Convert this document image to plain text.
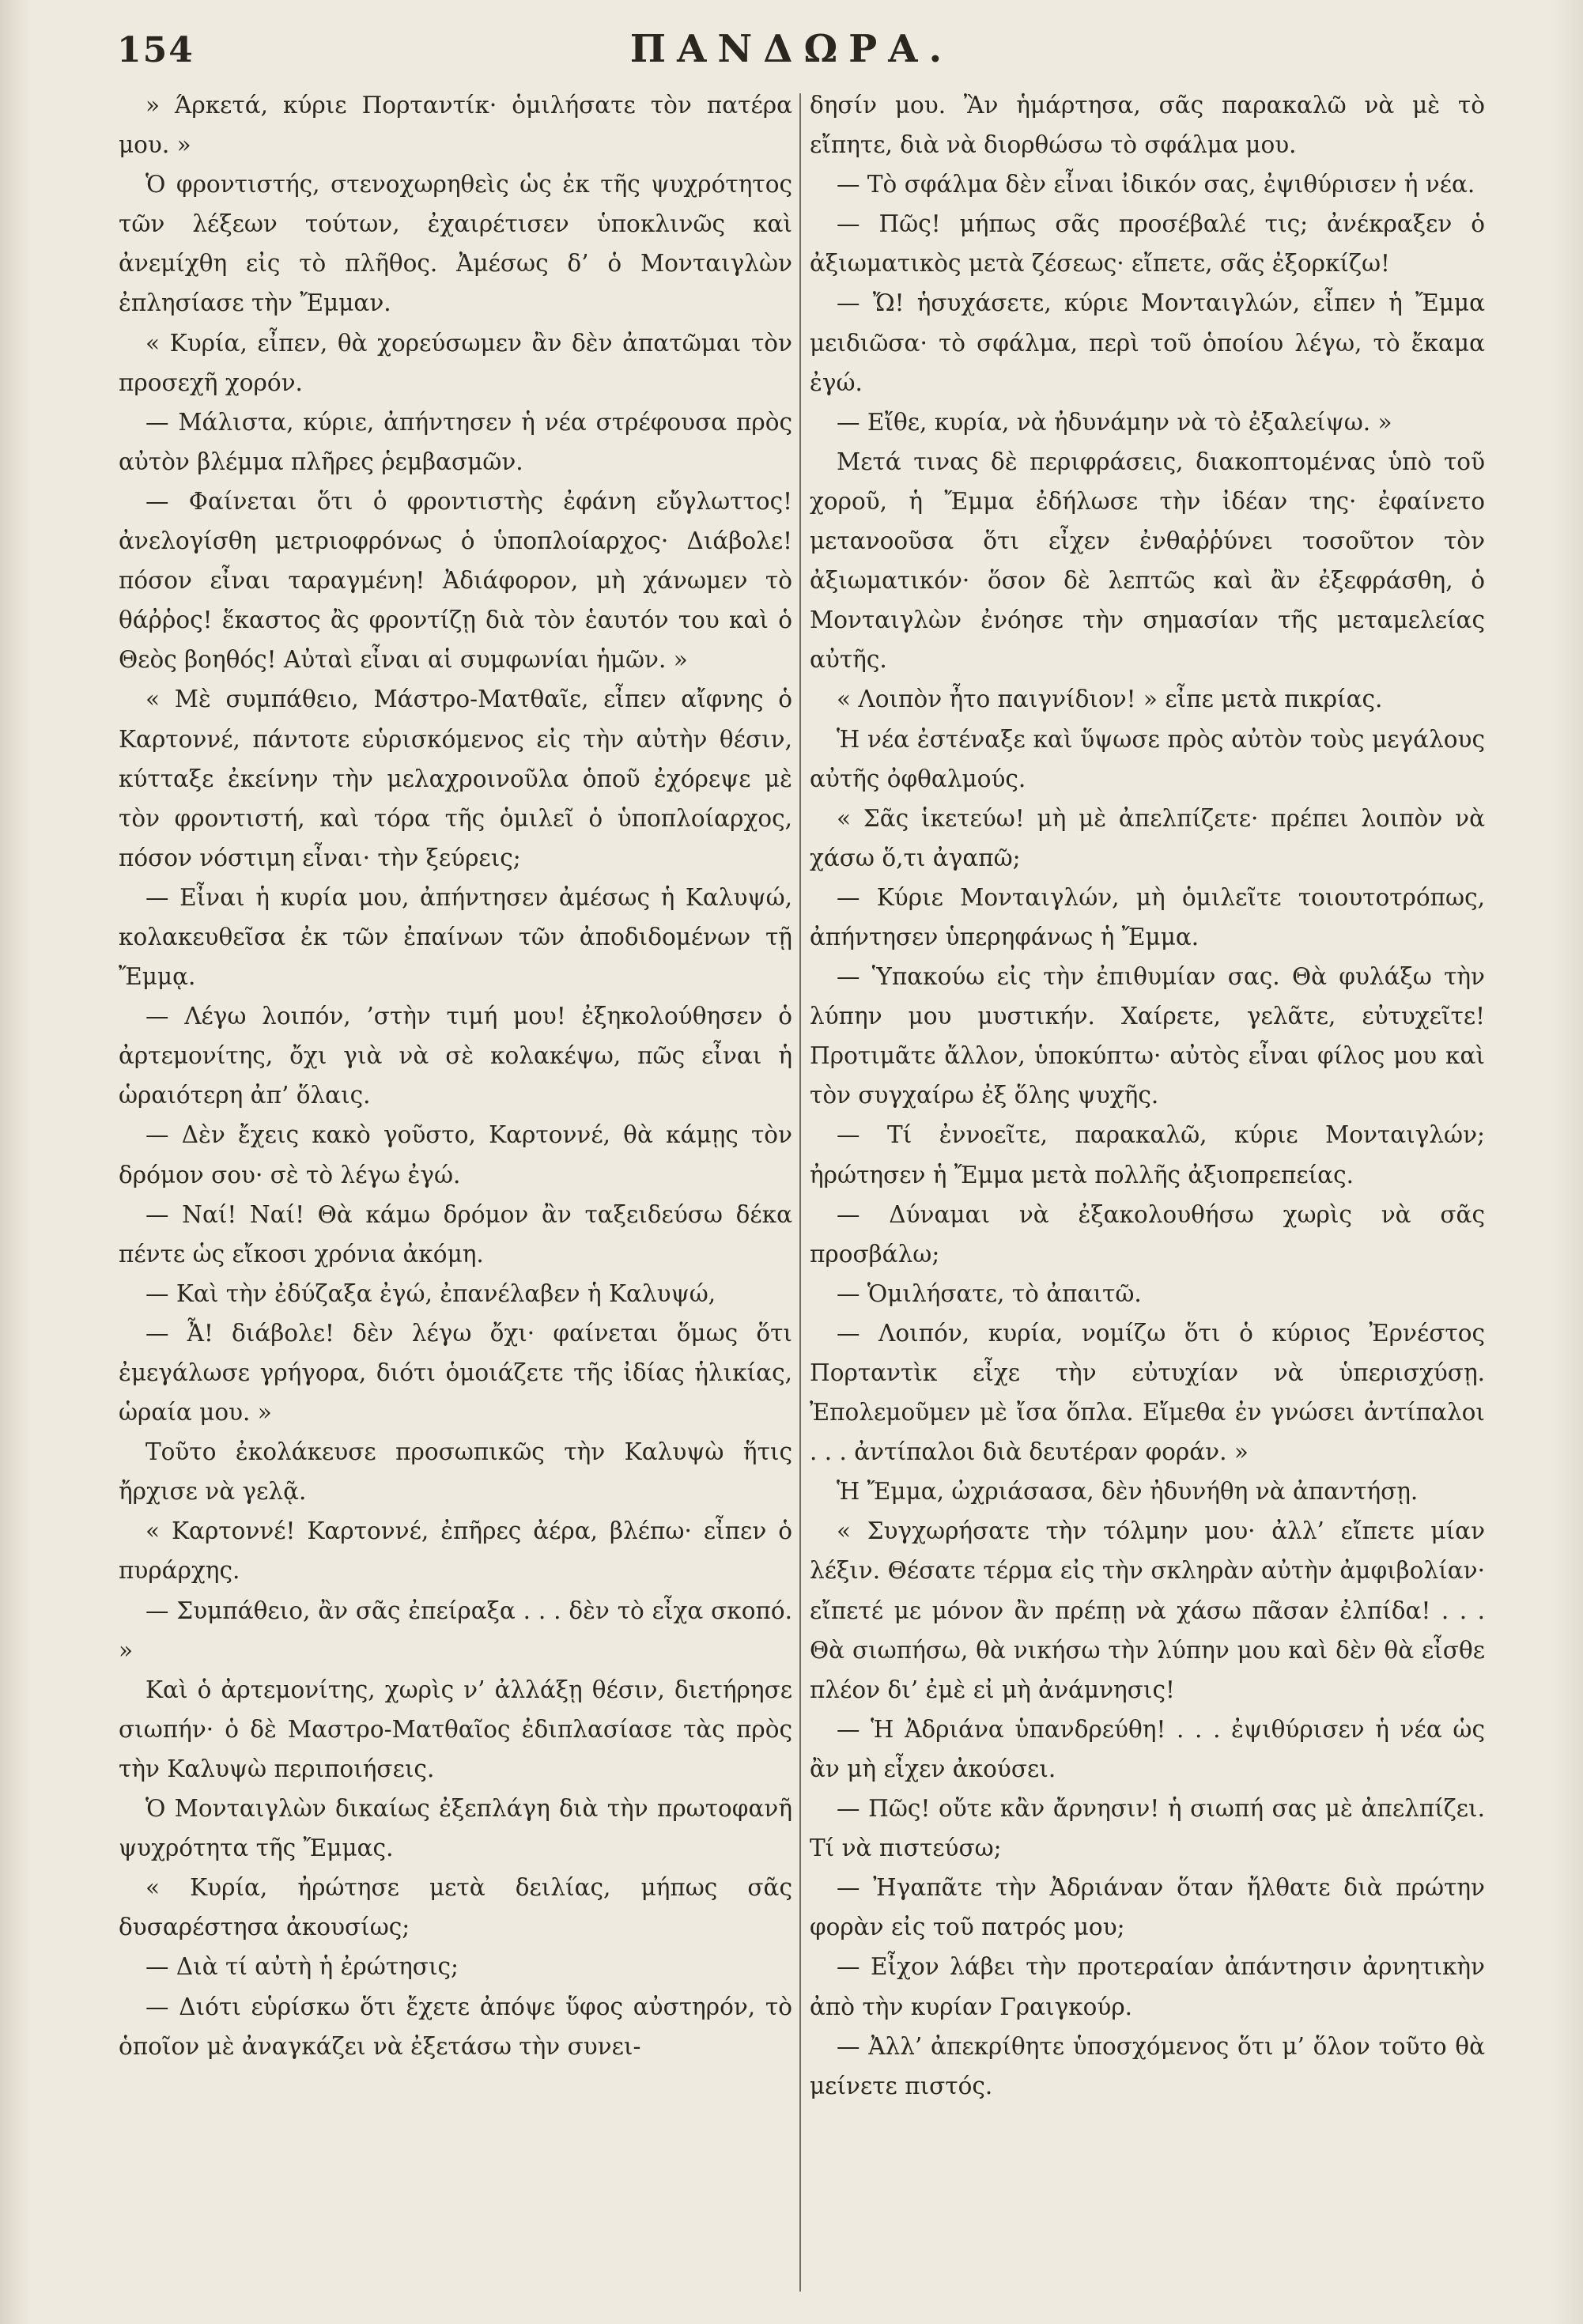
154	ΠΑΝΔΩΡΑ.

» Άρκετά, κύριε Πορταντίκ· ὁμιλήσατε τὸν πατέρα μου. »

Ὁ φροντιστής, στενοχωρηθεὶς ὡς ἐκ τῆς ψυχρότητος τῶν λέξεων τούτων, ἐχαιρέτισεν ὑποκλινῶς καὶ ἀνεμίχθη εἰς τὸ πλῆθος. Ἀμέσως δ’ ὁ Μονταιγλὼν ἐπλησίασε τὴν Ἔμμαν.

« Κυρία, εἶπεν, θὰ χορεύσωμεν ἂν δὲν ἀπατῶμαι τὸν προσεχῆ χορόν.

— Μάλιστα, κύριε, ἀπήντησεν ἡ νέα στρέφουσα πρὸς αὐτὸν βλέμμα πλῆρες ῥεμβασμῶν.

— Φαίνεται ὅτι ὁ φροντιστὴς ἐφάνη εὔγλωττος! ἀνελογίσθη μετριοφρόνως ὁ ὑποπλοίαρχος· Διάβολε! πόσον εἶναι ταραγμένη! Ἀδιάφορον, μὴ χάνωμεν τὸ θάῤῥος! ἕκαστος ἂς φροντίζῃ διὰ τὸν ἑαυτόν του καὶ ὁ Θεὸς βοηθός! Αὐταὶ εἶναι αἱ συμφωνίαι ἡμῶν. »

« Μὲ συμπάθειο, Μάστρο-Ματθαῖε, εἶπεν αἴφνης ὁ Καρτοννέ, πάντοτε εὑρισκόμενος εἰς τὴν αὐτὴν θέσιν, κύτταξε ἐκείνην τὴν μελαχροινοῦλα ὁποῦ ἐχόρεψε μὲ τὸν φροντιστή, καὶ τόρα τῆς ὁμιλεῖ ὁ ὑποπλοίαρχος, πόσον νόστιμη εἶναι· τὴν ξεύρεις;

— Εἶναι ἡ κυρία μου, ἀπήντησεν ἀμέσως ἡ Καλυψώ, κολακευθεῖσα ἐκ τῶν ἐπαίνων τῶν ἀποδιδομένων τῇ Ἔμμᾳ.

— Λέγω λοιπόν, ’στὴν τιμή μου! ἐξηκολούθησεν ὁ ἀρτεμονίτης, ὄχι γιὰ νὰ σὲ κολακέψω, πῶς εἶναι ἡ ὡραιότερη ἀπ’ ὅλαις.

— Δὲν ἔχεις κακὸ γοῦστο, Καρτοννέ, θὰ κάμῃς τὸν δρόμον σου· σὲ τὸ λέγω ἐγώ.

— Ναί! Ναί! Θὰ κάμω δρόμον ἂν ταξειδεύσω δέκα πέντε ὡς εἴκοσι χρόνια ἀκόμη.

— Καὶ τὴν ἐδύζαξα ἐγώ, ἐπανέλαβεν ἡ Καλυψώ,

— Ἆ! διάβολε! δὲν λέγω ὄχι· φαίνεται ὅμως ὅτι ἐμεγάλωσε γρήγορα, διότι ὁμοιάζετε τῆς ἰδίας ἡλικίας, ὡραία μου. »

Τοῦτο ἐκολάκευσε προσωπικῶς τὴν Καλυψὼ ἥτις ἤρχισε νὰ γελᾷ.

« Καρτοννέ! Καρτοννέ, ἐπῆρες ἀέρα, βλέπω· εἶπεν ὁ πυράρχης.

— Συμπάθειο, ἂν σᾶς ἐπείραξα . . . δὲν τὸ εἶχα σκοπό. »

Καὶ ὁ ἀρτεμονίτης, χωρὶς ν’ ἀλλάξῃ θέσιν, διετήρησε σιωπήν· ὁ δὲ Μαστρο-Ματθαῖος ἐδιπλασίασε τὰς πρὸς τὴν Καλυψὼ περιποιήσεις.

Ὁ Μονταιγλὼν δικαίως ἐξεπλάγη διὰ τὴν πρωτοφανῆ ψυχρότητα τῆς Ἔμμας.

« Κυρία, ἠρώτησε μετὰ δειλίας, μήπως σᾶς δυσαρέστησα ἀκουσίως;

— Διὰ τί αὐτὴ ἡ ἐρώτησις;

— Διότι εὑρίσκω ὅτι ἔχετε ἀπόψε ὕφος αὐστηρόν, τὸ ὁποῖον μὲ ἀναγκάζει νὰ ἐξετάσω τὴν συνει-

δησίν μου. Ἂν ἡμάρτησα, σᾶς παρακαλῶ νὰ μὲ τὸ εἴπητε, διὰ νὰ διορθώσω τὸ σφάλμα μου.

— Τὸ σφάλμα δὲν εἶναι ἰδικόν σας, ἐψιθύρισεν ἡ νέα.

— Πῶς! μήπως σᾶς προσέβαλέ τις; ἀνέκραξεν ὁ ἀξιωματικὸς μετὰ ζέσεως· εἴπετε, σᾶς ἐξορκίζω!

— Ὤ! ἡσυχάσετε, κύριε Μονταιγλών, εἶπεν ἡ Ἔμμα μειδιῶσα· τὸ σφάλμα, περὶ τοῦ ὁποίου λέγω, τὸ ἔκαμα ἐγώ.

— Εἴθε, κυρία, νὰ ἠδυνάμην νὰ τὸ ἐξαλείψω. »

Μετά τινας δὲ περιφράσεις, διακοπτομένας ὑπὸ τοῦ χοροῦ, ἡ Ἔμμα ἐδήλωσε τὴν ἰδέαν της· ἐφαίνετο μετανοοῦσα ὅτι εἶχεν ἐνθαῤῥύνει τοσοῦτον τὸν ἀξιωματικόν· ὅσον δὲ λεπτῶς καὶ ἂν ἐξεφράσθη, ὁ Μονταιγλὼν ἐνόησε τὴν σημασίαν τῆς μεταμελείας αὐτῆς.

« Λοιπὸν ἦτο παιγνίδιον! » εἶπε μετὰ πικρίας.

Ἡ νέα ἐστέναξε καὶ ὕψωσε πρὸς αὐτὸν τοὺς μεγάλους αὐτῆς ὀφθαλμούς.

« Σᾶς ἱκετεύω! μὴ μὲ ἀπελπίζετε· πρέπει λοιπὸν νὰ χάσω ὅ,τι ἀγαπῶ;

— Κύριε Μονταιγλών, μὴ ὁμιλεῖτε τοιουτοτρόπως, ἀπήντησεν ὑπερηφάνως ἡ Ἔμμα.

— Ὑπακούω εἰς τὴν ἐπιθυμίαν σας. Θὰ φυλάξω τὴν λύπην μου μυστικήν. Χαίρετε, γελᾶτε, εὐτυχεῖτε! Προτιμᾶτε ἄλλον, ὑποκύπτω· αὐτὸς εἶναι φίλος μου καὶ τὸν συγχαίρω ἐξ ὅλης ψυχῆς.

— Τί ἐννοεῖτε, παρακαλῶ, κύριε Μονταιγλών; ἠρώτησεν ἡ Ἔμμα μετὰ πολλῆς ἀξιοπρεπείας.

— Δύναμαι νὰ ἐξακολουθήσω χωρὶς νὰ σᾶς προσβάλω;

— Ὁμιλήσατε, τὸ ἀπαιτῶ.

— Λοιπόν, κυρία, νομίζω ὅτι ὁ κύριος Ἐρνέστος Πορταντὶκ εἶχε τὴν εὐτυχίαν νὰ ὑπερισχύσῃ. Ἐπολεμοῦμεν μὲ ἴσα ὅπλα. Εἴμεθα ἐν γνώσει ἀντίπαλοι . . . ἀντίπαλοι διὰ δευτέραν φοράν. »

Ἡ Ἔμμα, ὠχριάσασα, δὲν ἠδυνήθη νὰ ἀπαντήσῃ.

« Συγχωρήσατε τὴν τόλμην μου· ἀλλ’ εἴπετε μίαν λέξιν. Θέσατε τέρμα εἰς τὴν σκληρὰν αὐτὴν ἀμφιβολίαν· εἴπετέ με μόνον ἂν πρέπῃ νὰ χάσω πᾶσαν ἐλπίδα! . . . Θὰ σιωπήσω, θὰ νικήσω τὴν λύπην μου καὶ δὲν θὰ εἶσθε πλέον δι’ ἐμὲ εἰ μὴ ἀνάμνησις!

— Ἡ Ἀδριάνα ὑπανδρεύθη! . . . ἐψιθύρισεν ἡ νέα ὡς ἂν μὴ εἶχεν ἀκούσει.

— Πῶς! οὔτε κἂν ἄρνησιν! ἡ σιωπή σας μὲ ἀπελπίζει. Τί νὰ πιστεύσω;

— Ἠγαπᾶτε τὴν Ἀδριάναν ὅταν ἤλθατε διὰ πρώτην φορὰν εἰς τοῦ πατρός μου;

— Εἶχον λάβει τὴν προτεραίαν ἀπάντησιν ἀρνητικὴν ἀπὸ τὴν κυρίαν Γραιγκούρ.

— Ἀλλ’ ἀπεκρίθητε ὑποσχόμενος ὅτι μ’ ὅλον τοῦτο θὰ μείνετε πιστός.
